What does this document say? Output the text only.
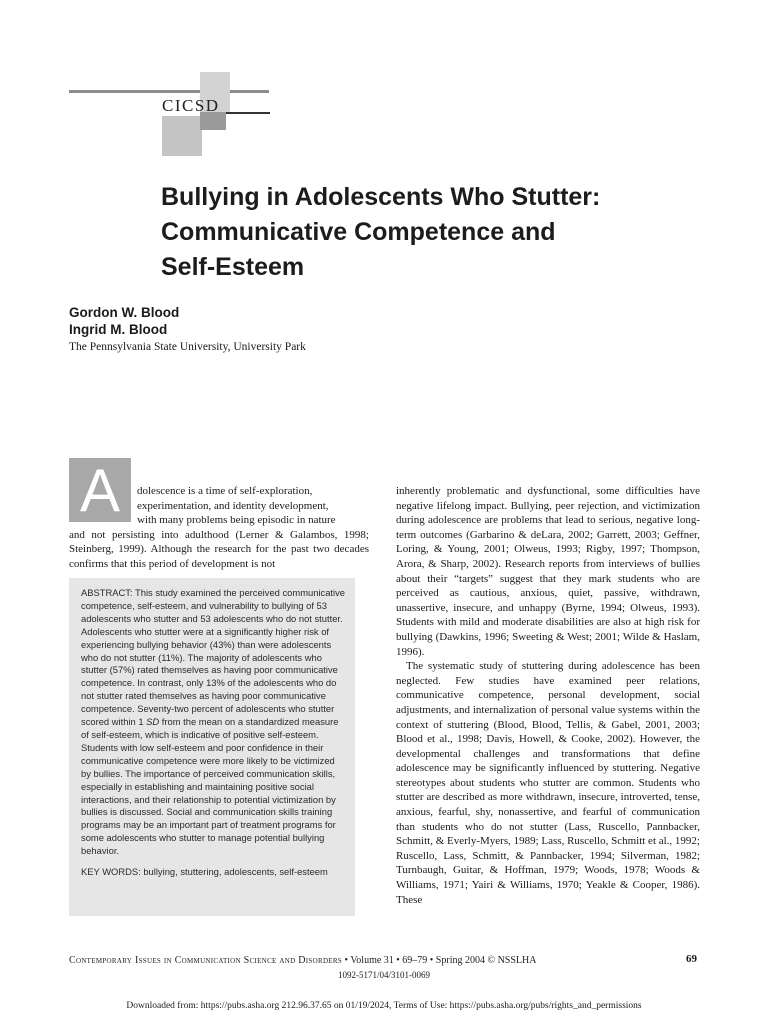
CICSD
Bullying in Adolescents Who Stutter:
Communicative Competence and
Self-Esteem
Gordon W. Blood
Ingrid M. Blood
The Pennsylvania State University, University Park
A	dolescence is a time of self-exploration,
experimentation, and identity development,
with many problems being episodic in nature

and not persisting into adulthood (Lerner & Galambos, 1998; Steinberg, 1999). Although the research for the past two decades confirms that this period of development is not

ABSTRACT: This study examined the perceived communicative competence, self-esteem, and vulnerability to bullying of 53 adolescents who stutter and 53 adolescents who do not stutter. Adolescents who stutter were at a significantly higher risk of experiencing bullying behavior (43%) than were adolescents who do not stutter (11%). The majority of adolescents who stutter (57%) rated themselves as having poor communicative competence. In contrast, only 13% of the adolescents who do not stutter rated themselves as having poor communicative competence. Seventy-two percent of adolescents who stutter scored within 1 SD from the mean on a standardized measure of self-esteem, which is indicative of positive self-esteem. Students with low self-esteem and poor confidence in their communicative competence were more likely to be victimized by bullies. The importance of perceived communication skills, especially in establishing and maintaining positive social interactions, and their relationship to potential victimization by bullies is discussed. Social and communication skills training programs may be an important part of treatment programs for some adolescents who stutter to manage potential bullying behavior.

KEY WORDS: bullying, stuttering, adolescents, self-esteem

inherently problematic and dysfunctional, some difficulties have negative lifelong impact. Bullying, peer rejection, and victimization during adolescence are problems that lead to serious, negative long-term outcomes (Garbarino & deLara, 2002; Garrett, 2003; Geffner, Loring, & Young, 2001; Olweus, 1993; Rigby, 1997; Thompson, Arora, & Sharp, 2002). Research reports from interviews of bullies about their “targets” suggest that they mark students who are perceived as cautious, anxious, quiet, passive, withdrawn, unassertive, insecure, and unhappy (Byrne, 1994; Olweus, 1993). Students with mild and moderate disabilities are also at high risk for bullying (Dawkins, 1996; Sweeting & West; 2001; Wilde & Haslam, 1996).

The systematic study of stuttering during adolescence has been neglected. Few studies have examined peer relations, communicative competence, personal development, social adjustments, and internalization of personal value systems within the context of stuttering (Blood, Blood, Tellis, & Gabel, 2001, 2003; Blood et al., 1998; Davis, Howell, & Cooke, 2002). However, the developmental challenges and transformations that define adolescence may be significantly influenced by stuttering. Negative stereotypes about students who stutter are common. Students who stutter are described as more withdrawn, insecure, introverted, tense, anxious, fearful, shy, nonassertive, and fearful of communication than students who do not stutter (Lass, Ruscello, Pannbacker, Schmitt, & Everly-Myers, 1989; Lass, Ruscello, Schmitt et al., 1992; Ruscello, Lass, Schmitt, & Pannbacker, 1994; Silverman, 1982; Turnbaugh, Guitar, & Hoffman, 1979; Woods, 1978; Woods & Williams, 1971; Yairi & Williams, 1970; Yeakle & Cooper, 1986). These

Contemporary Issues in Communication Science and Disorders • Volume 31 • 69–79 • Spring 2004 © NSSLHA	69
1092-5171/04/3101-0069
Downloaded from: https://pubs.asha.org 212.96.37.65 on 01/19/2024, Terms of Use: https://pubs.asha.org/pubs/rights_and_permissions
